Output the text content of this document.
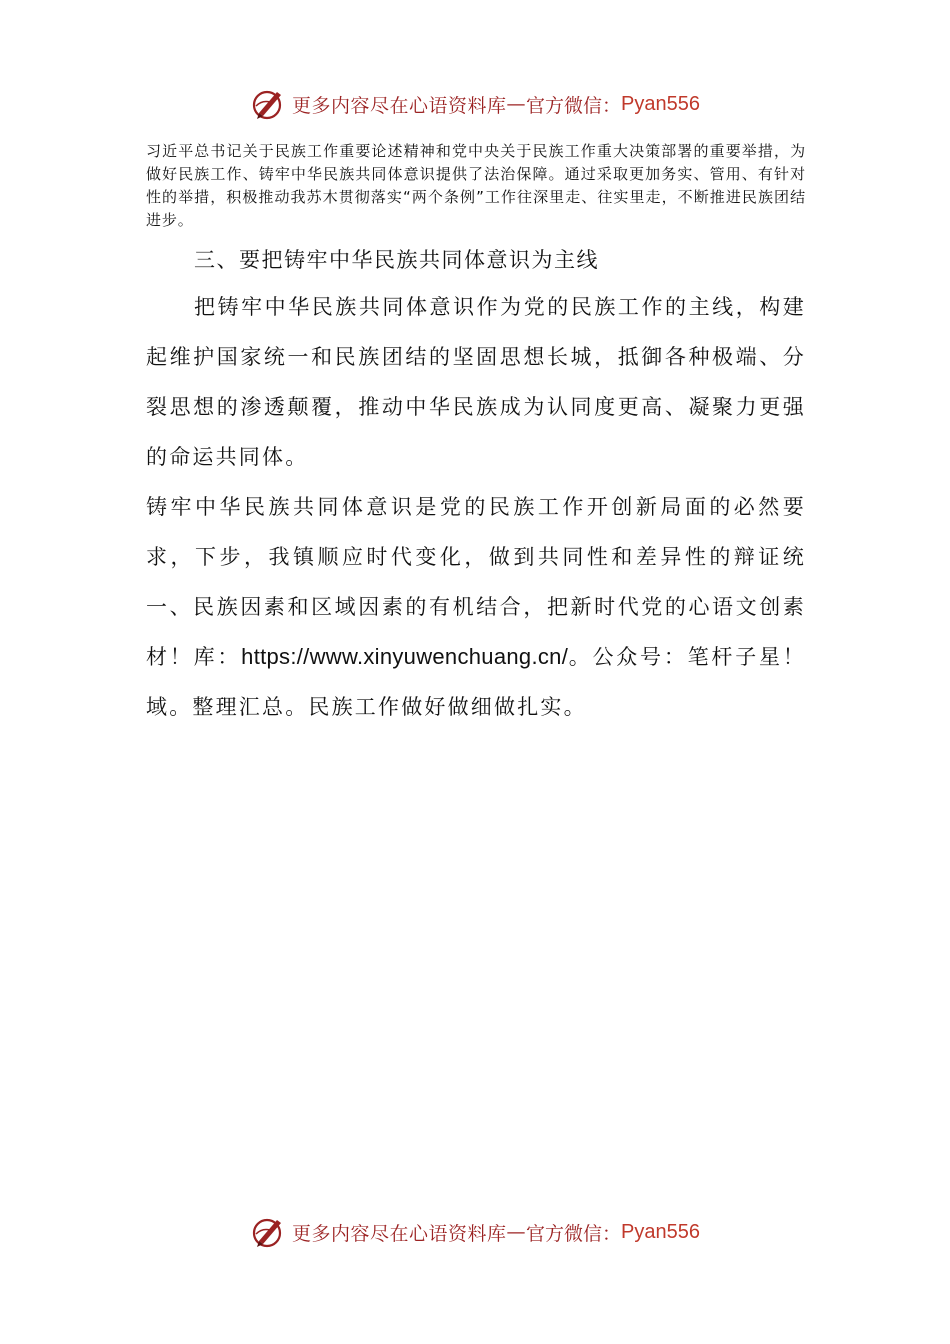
更多内容尽在心语资料库 — 官方微信： Pyan556

习近平总书记关于民族工作重要论述精神和党中央关于民族工作重大决策部署的重要举措，为做好民族工作、铸牢中华民族共同体意识提供了法治保障。通过采取更加务实、管用、有针对性的举措，积极推动我苏木贯彻落实“两个条例”工作往深里走、往实里走，不断推进民族团结进步。

三、要把铸牢中华民族共同体意识为主线

把铸牢中华民族共同体意识作为党的民族工作的主线，构建起维护国家统一和民族团结的坚固思想长城，抵御各种极端、分裂思想的渗透颠覆，推动中华民族成为认同度更高、凝聚力更强的命运共同体。

铸牢中华民族共同体意识是党的民族工作开创新局面的必然要求，下步，我镇顺应时代变化，做到共同性和差异性的辩证统一、民族因素和区域因素的有机结合，把新时代党的心语文创素材！库：https://www.xinyuwenchuang.cn/。公众号：笔杆子星！域。整理汇总。民族工作做好做细做扎实。

更多内容尽在心语资料库 — 官方微信： Pyan556
